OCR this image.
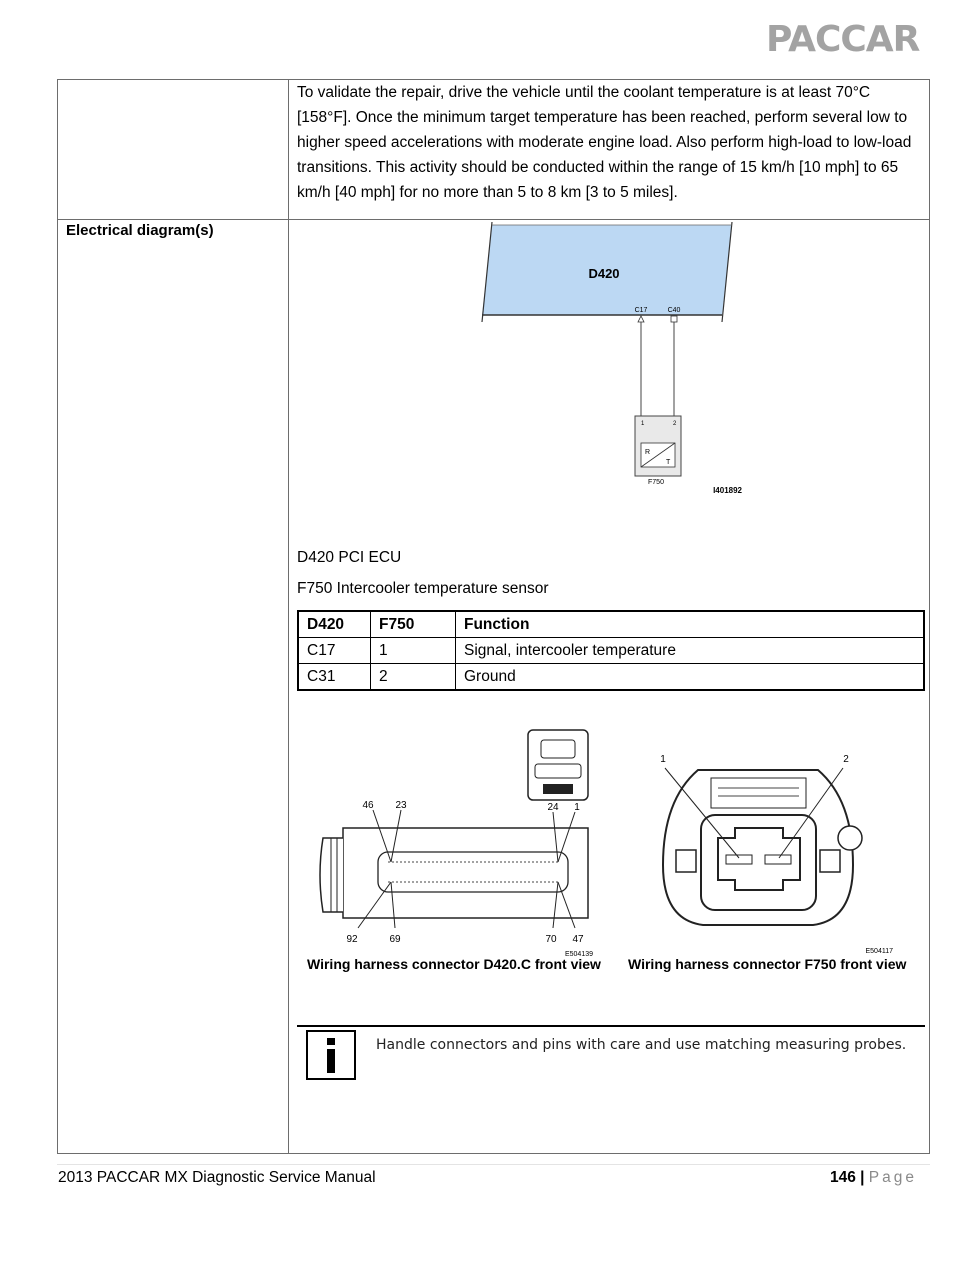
PACCAR
To validate the repair, drive the vehicle until the coolant temperature is at least 70°C [158°F]. Once the minimum target temperature has been reached, perform several low to higher speed accelerations with moderate engine load. Also perform high-load to low-load transitions. This activity should be conducted within the range of 15 km/h [10 mph] to 65 km/h [40 mph] for no more than 5 to 8 km [3 to 5 miles].
Electrical diagram(s)
D420
C17	C40
1	2
R
T
F750
I401892
D420 PCI ECU
F750 Intercooler temperature sensor
D420	F750	Function
C17	1	Signal, intercooler temperature
C31	2	Ground
46 23	24 1
92	69	70 47
E504139
Wiring harness connector D420.C front view
1	2
E504117
Wiring harness connector F750 front view
Handle connectors and pins with care and use matching measuring probes.
2013 PACCAR MX Diagnostic Service Manual	146 | Page
